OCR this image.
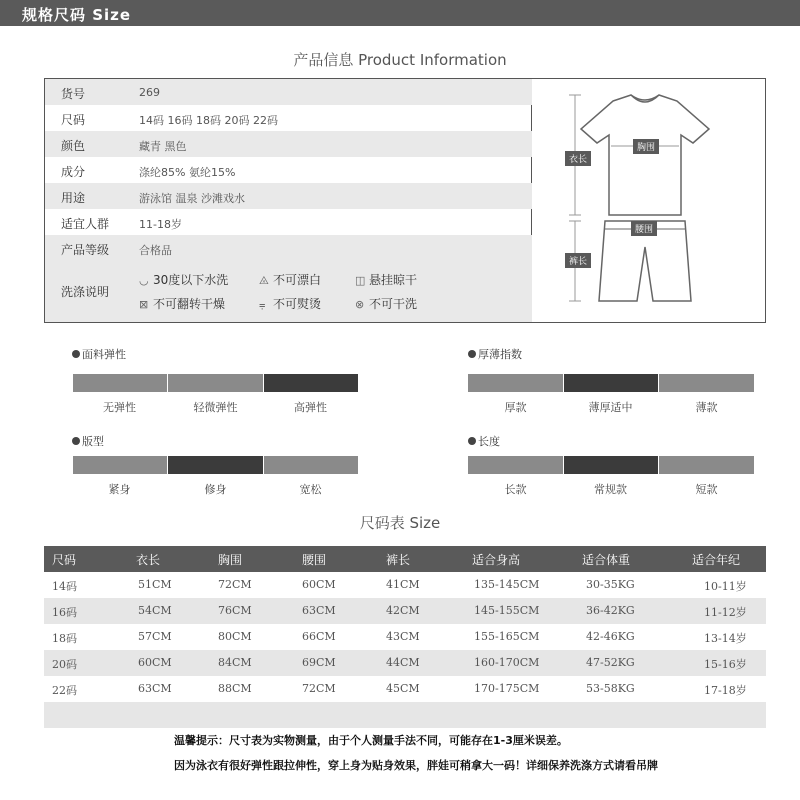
规格尺码 Size
产品信息 Product Information
货号	269
尺码	14码 16码 18码 20码 22码
颜色	藏青 黑色
成分	涤纶85% 氨纶15%
用途	游泳馆 温泉 沙滩戏水
适宜人群	11-18岁
产品等级	合格品
洗涤说明
◡ 30度以下水洗	⨻ 不可漂白	◫ 悬挂晾干
⊠ 不可翻转干燥	⩦ 不可熨烫	⊗ 不可干洗
衣长
胸围
腰围
裤长
面料弹性
无弹性	轻微弹性	高弹性
厚薄指数
厚款	薄厚适中	薄款
版型
紧身	修身	宽松
长度
长款	常规款	短款
尺码表 Size
尺码	衣长	胸围	腰围	裤长	适合身高	适合体重	适合年纪
14码	51CM	72CM	60CM	41CM	135-145CM	30-35KG	10-11岁
16码	54CM	76CM	63CM	42CM	145-155CM	36-42KG	11-12岁
18码	57CM	80CM	66CM	43CM	155-165CM	42-46KG	13-14岁
20码	60CM	84CM	69CM	44CM	160-170CM	47-52KG	15-16岁
22码	63CM	88CM	72CM	45CM	170-175CM	53-58KG	17-18岁
温馨提示：尺寸表为实物测量，由于个人测量手法不同，可能存在1-3厘米误差。
因为泳衣有很好弹性跟拉伸性，穿上身为贴身效果，胖娃可稍拿大一码！详细保养洗涤方式请看吊牌
